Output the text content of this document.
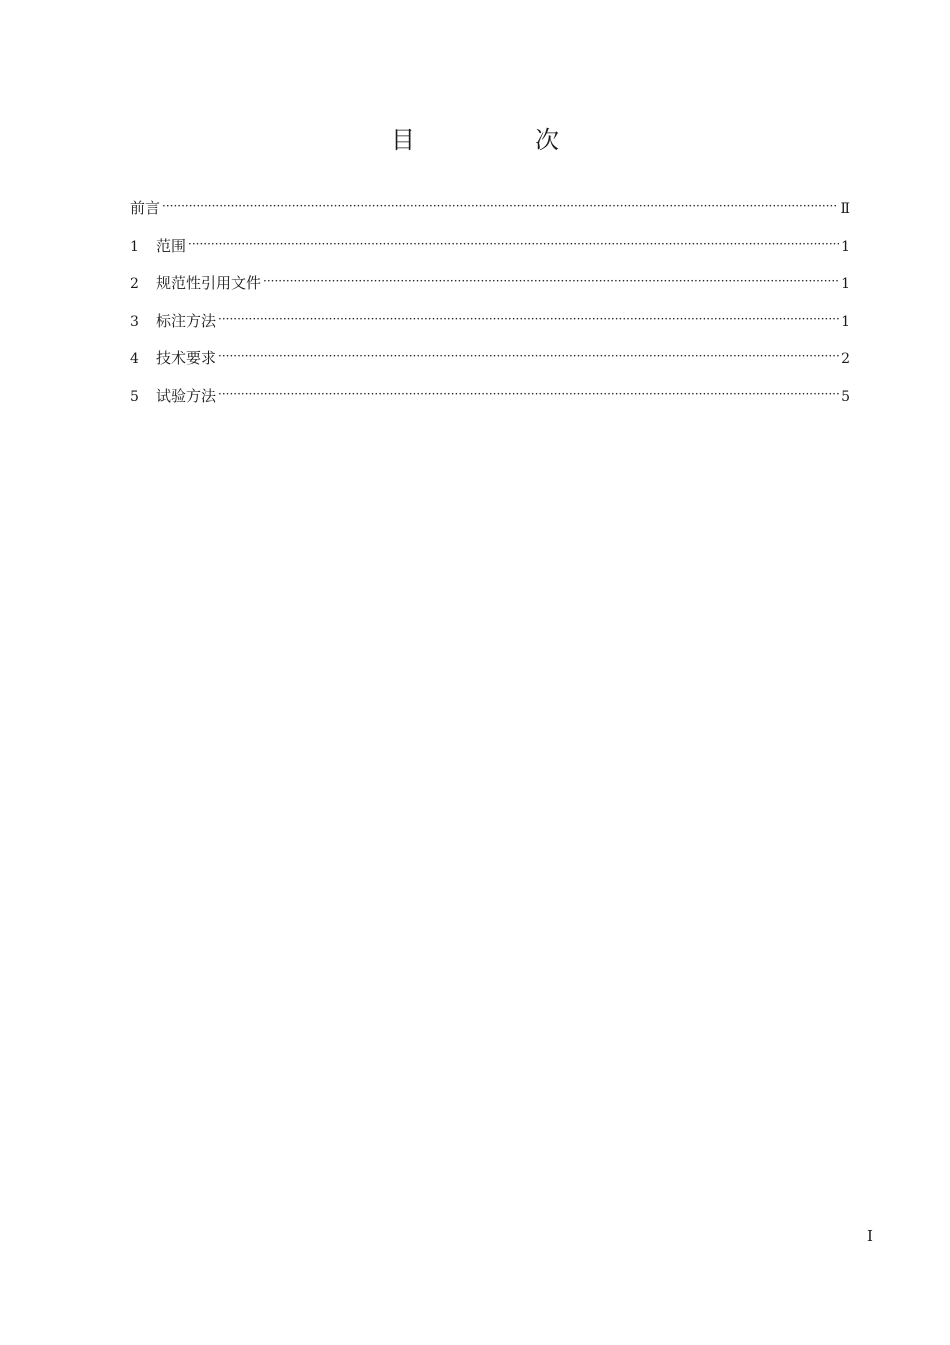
目　次
前言 ·····	Ⅱ
1	范围 ·····	1
2	规范性引用文件 ·····	1
3	标注方法 ·····	1
4	技术要求 ·····	2
5	试验方法 ·····	5
I
